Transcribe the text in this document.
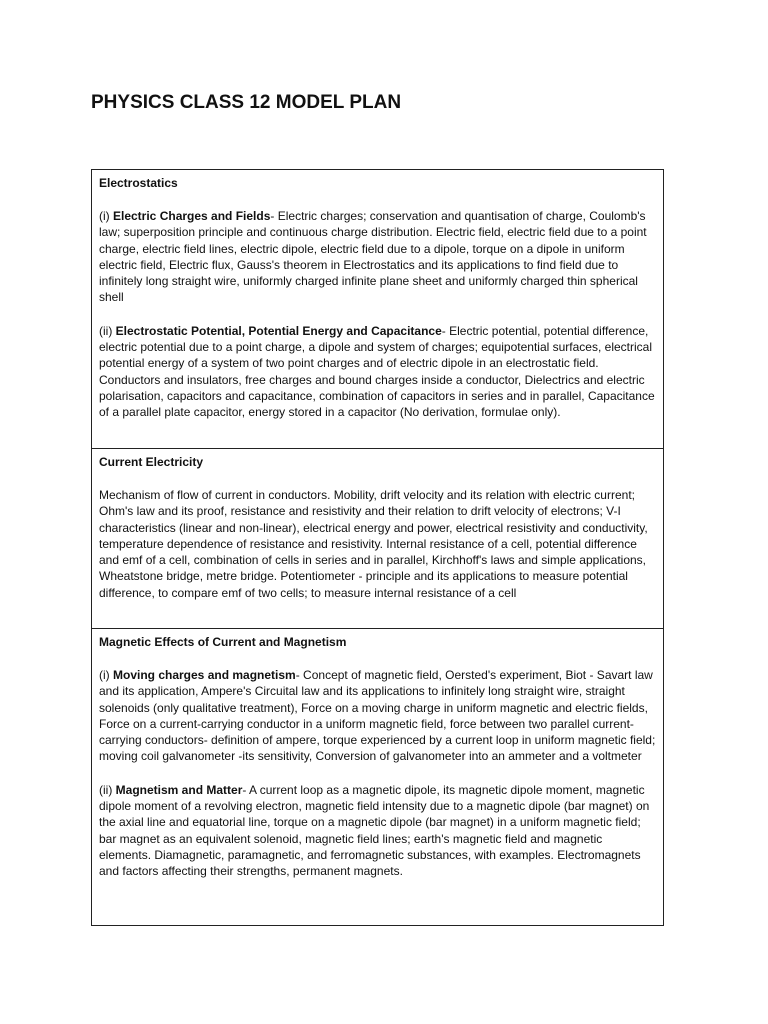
PHYSICS CLASS 12 MODEL PLAN
Electrostatics

(i) Electric Charges and Fields- Electric charges; conservation and quantisation of charge, Coulomb's law; superposition principle and continuous charge distribution. Electric field, electric field due to a point charge, electric field lines, electric dipole, electric field due to a dipole, torque on a dipole in uniform electric field, Electric flux, Gauss's theorem in Electrostatics and its applications to find field due to infinitely long straight wire, uniformly charged infinite plane sheet and uniformly charged thin spherical shell

(ii) Electrostatic Potential, Potential Energy and Capacitance- Electric potential, potential difference, electric potential due to a point charge, a dipole and system of charges; equipotential surfaces, electrical potential energy of a system of two point charges and of electric dipole in an electrostatic field. Conductors and insulators, free charges and bound charges inside a conductor, Dielectrics and electric polarisation, capacitors and capacitance, combination of capacitors in series and in parallel, Capacitance of a parallel plate capacitor, energy stored in a capacitor (No derivation, formulae only).

Current Electricity

Mechanism of flow of current in conductors. Mobility, drift velocity and its relation with electric current; Ohm's law and its proof, resistance and resistivity and their relation to drift velocity of electrons; V-I characteristics (linear and non-linear), electrical energy and power, electrical resistivity and conductivity, temperature dependence of resistance and resistivity. Internal resistance of a cell, potential difference and emf of a cell, combination of cells in series and in parallel, Kirchhoff's laws and simple applications, Wheatstone bridge, metre bridge. Potentiometer - principle and its applications to measure potential difference, to compare emf of two cells; to measure internal resistance of a cell

Magnetic Effects of Current and Magnetism

(i) Moving charges and magnetism- Concept of magnetic field, Oersted's experiment, Biot - Savart law and its application, Ampere's Circuital law and its applications to infinitely long straight wire, straight solenoids (only qualitative treatment), Force on a moving charge in uniform magnetic and electric fields, Force on a current-carrying conductor in a uniform magnetic field, force between two parallel current-carrying conductors- definition of ampere, torque experienced by a current loop in uniform magnetic field; moving coil galvanometer -its sensitivity, Conversion of galvanometer into an ammeter and a voltmeter

(ii) Magnetism and Matter- A current loop as a magnetic dipole, its magnetic dipole moment, magnetic dipole moment of a revolving electron, magnetic field intensity due to a magnetic dipole (bar magnet) on the axial line and equatorial line, torque on a magnetic dipole (bar magnet) in a uniform magnetic field; bar magnet as an equivalent solenoid, magnetic field lines; earth's magnetic field and magnetic elements. Diamagnetic, paramagnetic, and ferromagnetic substances, with examples. Electromagnets and factors affecting their strengths, permanent magnets.
